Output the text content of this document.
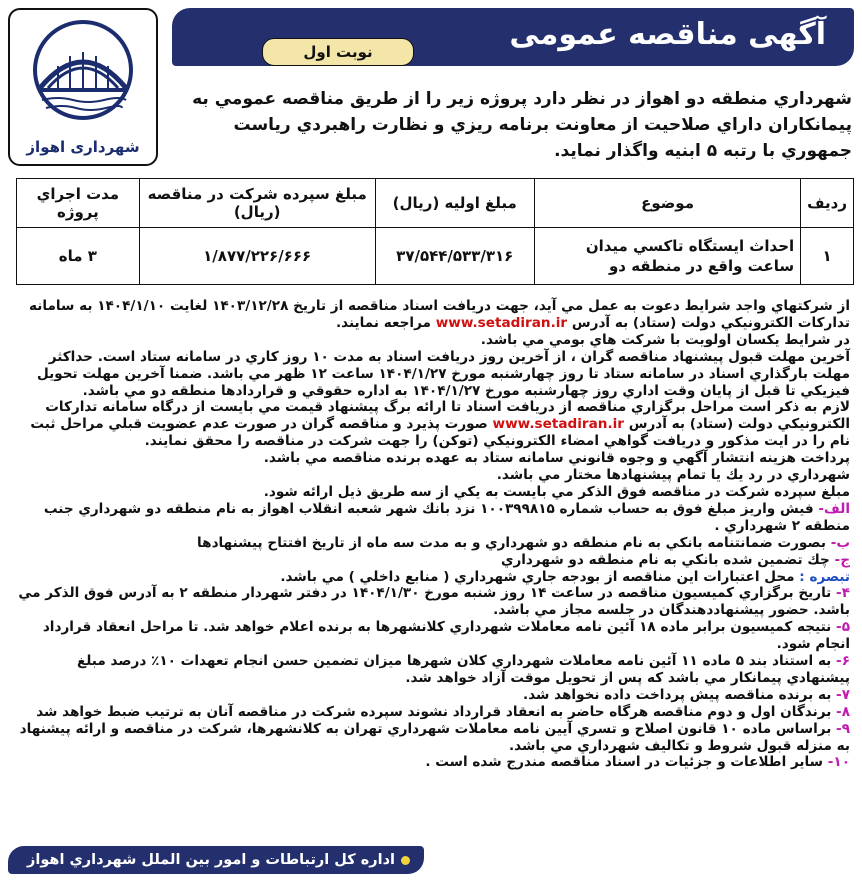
شهرداری اهواز
آگهی مناقصه عمومی
نوبت اول
شهرداري منطقه دو اهواز در نظر دارد پروژه زير را از طريق مناقصه عمومي به پيمانكاران داراي صلاحيت از معاونت برنامه ريزي و نظارت راهبردي رياست جمهوري با رتبه ۵ ابنيه واگذار نمايد.
رديف	موضوع	مبلغ اوليه (ريال)	مبلغ سپرده شركت در مناقصه (ريال)	مدت اجراي پروژه
۱	احداث ايستگاه تاكسي ميدان ساعت واقع در منطقه دو	۳۷/۵۴۴/۵۳۳/۳۱۶	۱/۸۷۷/۲۲۶/۶۶۶	۳ ماه

از شركتهاي واجد شرايط دعوت به عمل مي آيد، جهت دريافت اسناد مناقصه از تاريخ ۱۴۰۳/۱۲/۲۸ لغايت ۱۴۰۴/۱/۱۰ به سامانه تداركات الكترونيكي دولت (ستاد) به آدرس www.setadiran.ir مراجعه نمايند.

در شرايط يكسان اولويت با شركت هاي بومي مي باشد.

آخرين مهلت قبول پيشنهاد مناقصه گران ، از آخرين روز دريافت اسناد به مدت ۱۰ روز كاري در سامانه ستاد است. حداكثر مهلت بارگذاري اسناد در سامانه ستاد تا روز چهارشنبه مورخ ۱۴۰۴/۱/۲۷ ساعت ۱۲ ظهر مي باشد. ضمنا آخرين مهلت تحويل فيزيكي تا قبل از پايان وقت اداري روز چهارشنبه مورخ ۱۴۰۴/۱/۲۷ به اداره حقوقي و قراردادها منطقه دو مي باشد.

لازم به ذكر است مراحل برگزاري مناقصه از دريافت اسناد تا ارائه برگ پيشنهاد قيمت مي بايست از درگاه سامانه تداركات الكترونيكي دولت (ستاد) به آدرس www.setadiran.ir صورت پذيرد و مناقصه گران در صورت عدم عضويت قبلي مراحل ثبت نام را در ايت مذكور و دريافت گواهي امضاء الكترونيكي (توكن) را جهت شركت در مناقصه را محقق نمايند.

پرداخت هزينه انتشار آگهي و وجوه قانوني سامانه ستاد به عهده برنده مناقصه مي باشد.

شهرداري در رد يك يا تمام پيشنهادها مختار مي باشد.

مبلغ سپرده شركت در مناقصه فوق الذكر مي بايست به يكي از سه طريق ذيل ارائه شود.

الف- فيش واريز مبلغ فوق به حساب شماره ۱۰۰۳۹۹۸۱۵ نزد بانك شهر شعبه انقلاب اهواز به نام منطقه دو شهرداري جنب منطقه ۲ شهرداري .

ب- بصورت ضمانتنامه بانكي به نام منطقه دو شهرداري و به مدت سه ماه از تاريخ افتتاح پيشنهادها

ج- چك تضمين شده بانكي به نام منطقه دو شهرداري

تبصره : محل اعتبارات اين مناقصه از بودجه جاري شهرداري ( منابع داخلي ) مي باشد.

۴- تاريخ برگزاري كميسيون مناقصه در ساعت ۱۴ روز شنبه مورخ ۱۴۰۴/۱/۳۰ در دفتر شهردار منطقه ۲ به آدرس فوق الذكر مي باشد. حضور پيشنهاددهندگان در جلسه مجاز مي باشد.

۵- نتيجه كميسيون برابر ماده ۱۸ آئين نامه معاملات شهرداري كلانشهرها به برنده اعلام خواهد شد. تا مراحل انعقاد قرارداد انجام شود.

۶- به استناد بند ۵ ماده ۱۱ آئين نامه معاملات شهرداري كلان شهرها ميزان تضمين حسن انجام تعهدات ۱۰٪ درصد مبلغ پيشنهادي پيمانكار مي باشد كه پس از تحويل موقت آزاد خواهد شد.

۷- به برنده مناقصه پيش پرداخت داده نخواهد شد.

۸- برندگان اول و دوم مناقصه هرگاه حاضر به انعقاد قرارداد نشوند سپرده شركت در مناقصه آنان به ترتيب ضبط خواهد شد

۹- براساس ماده ۱۰ قانون اصلاح و تسري آيين نامه معاملات شهرداري تهران به كلانشهرها، شركت در مناقصه و ارائه پيشنهاد به منزله قبول شروط و تكاليف شهرداري مي باشد.

۱۰- ساير اطلاعات و جزئيات در اسناد مناقصه مندرج شده است .

اداره كل ارتباطات و امور بين الملل شهرداري اهواز
